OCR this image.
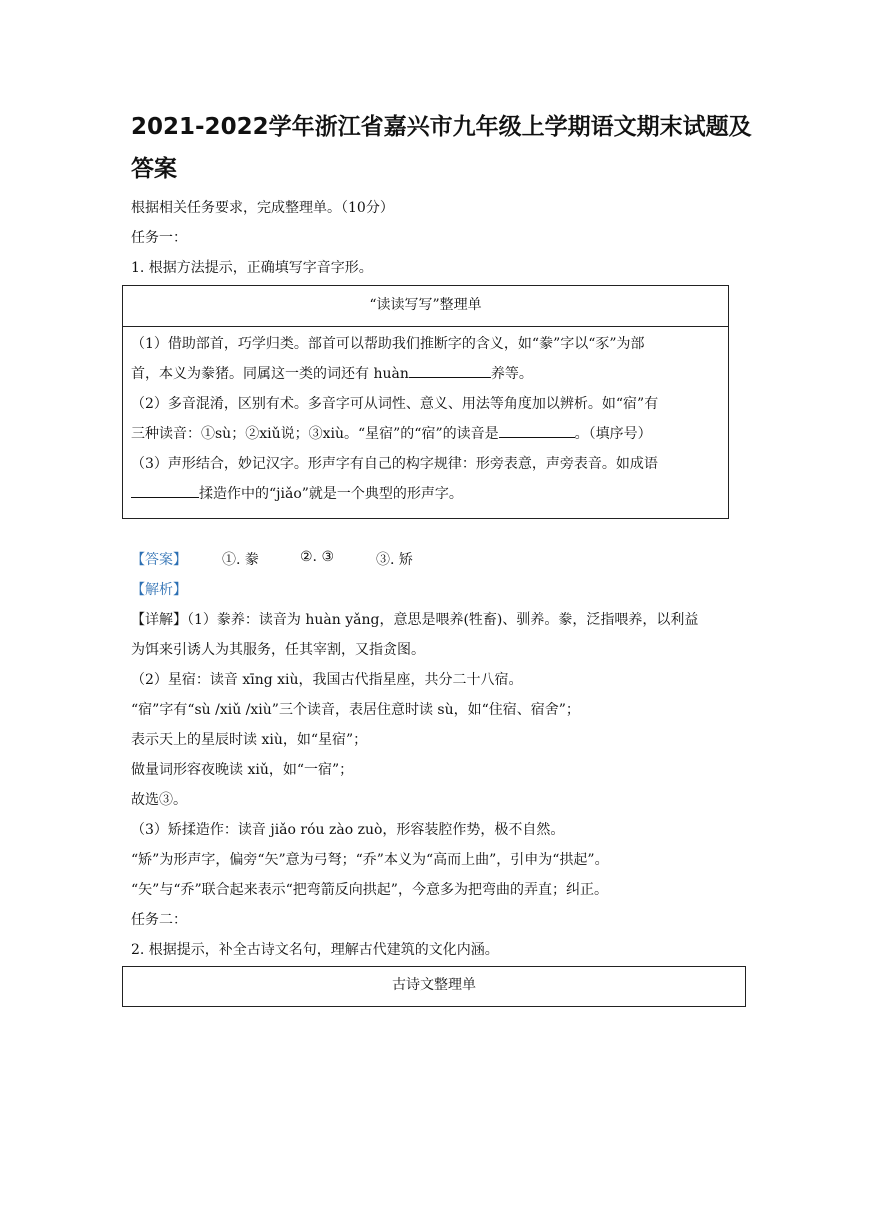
2021-2022学年浙江省嘉兴市九年级上学期语文期末试题及
答案
根据相关任务要求，完成整理单。（10分）
任务一：
1. 根据方法提示，正确填写字音字形。
“读读写写”整理单
（1）借助部首，巧学归类。部首可以帮助我们推断字的含义，如“豢”字以“豕”为部
首，本义为豢猪。同属这一类的词还有 huàn	养等。
（2）多音混淆，区别有术。多音字可从词性、意义、用法等角度加以辨析。如“宿”有
三种读音：①sù；②xiǔ说；③xiù。“星宿”的“宿”的读音是	。（填序号）
（3）声形结合，妙记汉字。形声字有自己的构字规律：形旁表意，声旁表音。如成语
揉造作中的“jiǎo”就是一个典型的形声字。
【答案】	①. 豢	②. ③	③. 矫
【解析】
【详解】（1）豢养：读音为 huàn yǎng，意思是喂养(牲畜)、驯养。豢，泛指喂养，以利益
为饵来引诱人为其服务，任其宰割，又指贪图。
（2）星宿：读音 xīng xiù，我国古代指星座，共分二十八宿。
“宿”字有“sù /xiǔ /xiù”三个读音，表居住意时读 sù，如“住宿、宿舍”；
表示天上的星辰时读 xiù，如“星宿”；
做量词形容夜晚读 xiǔ，如“一宿”；
故选③。
（3）矫揉造作：读音 jiǎo róu zào zuò，形容装腔作势，极不自然。
“矫”为形声字，偏旁“矢”意为弓弩；“乔”本义为“高而上曲”，引申为“拱起”。
“矢”与“乔”联合起来表示“把弯箭反向拱起”，今意多为把弯曲的弄直；纠正。
任务二：
2. 根据提示，补全古诗文名句，理解古代建筑的文化内涵。
古诗文整理单
